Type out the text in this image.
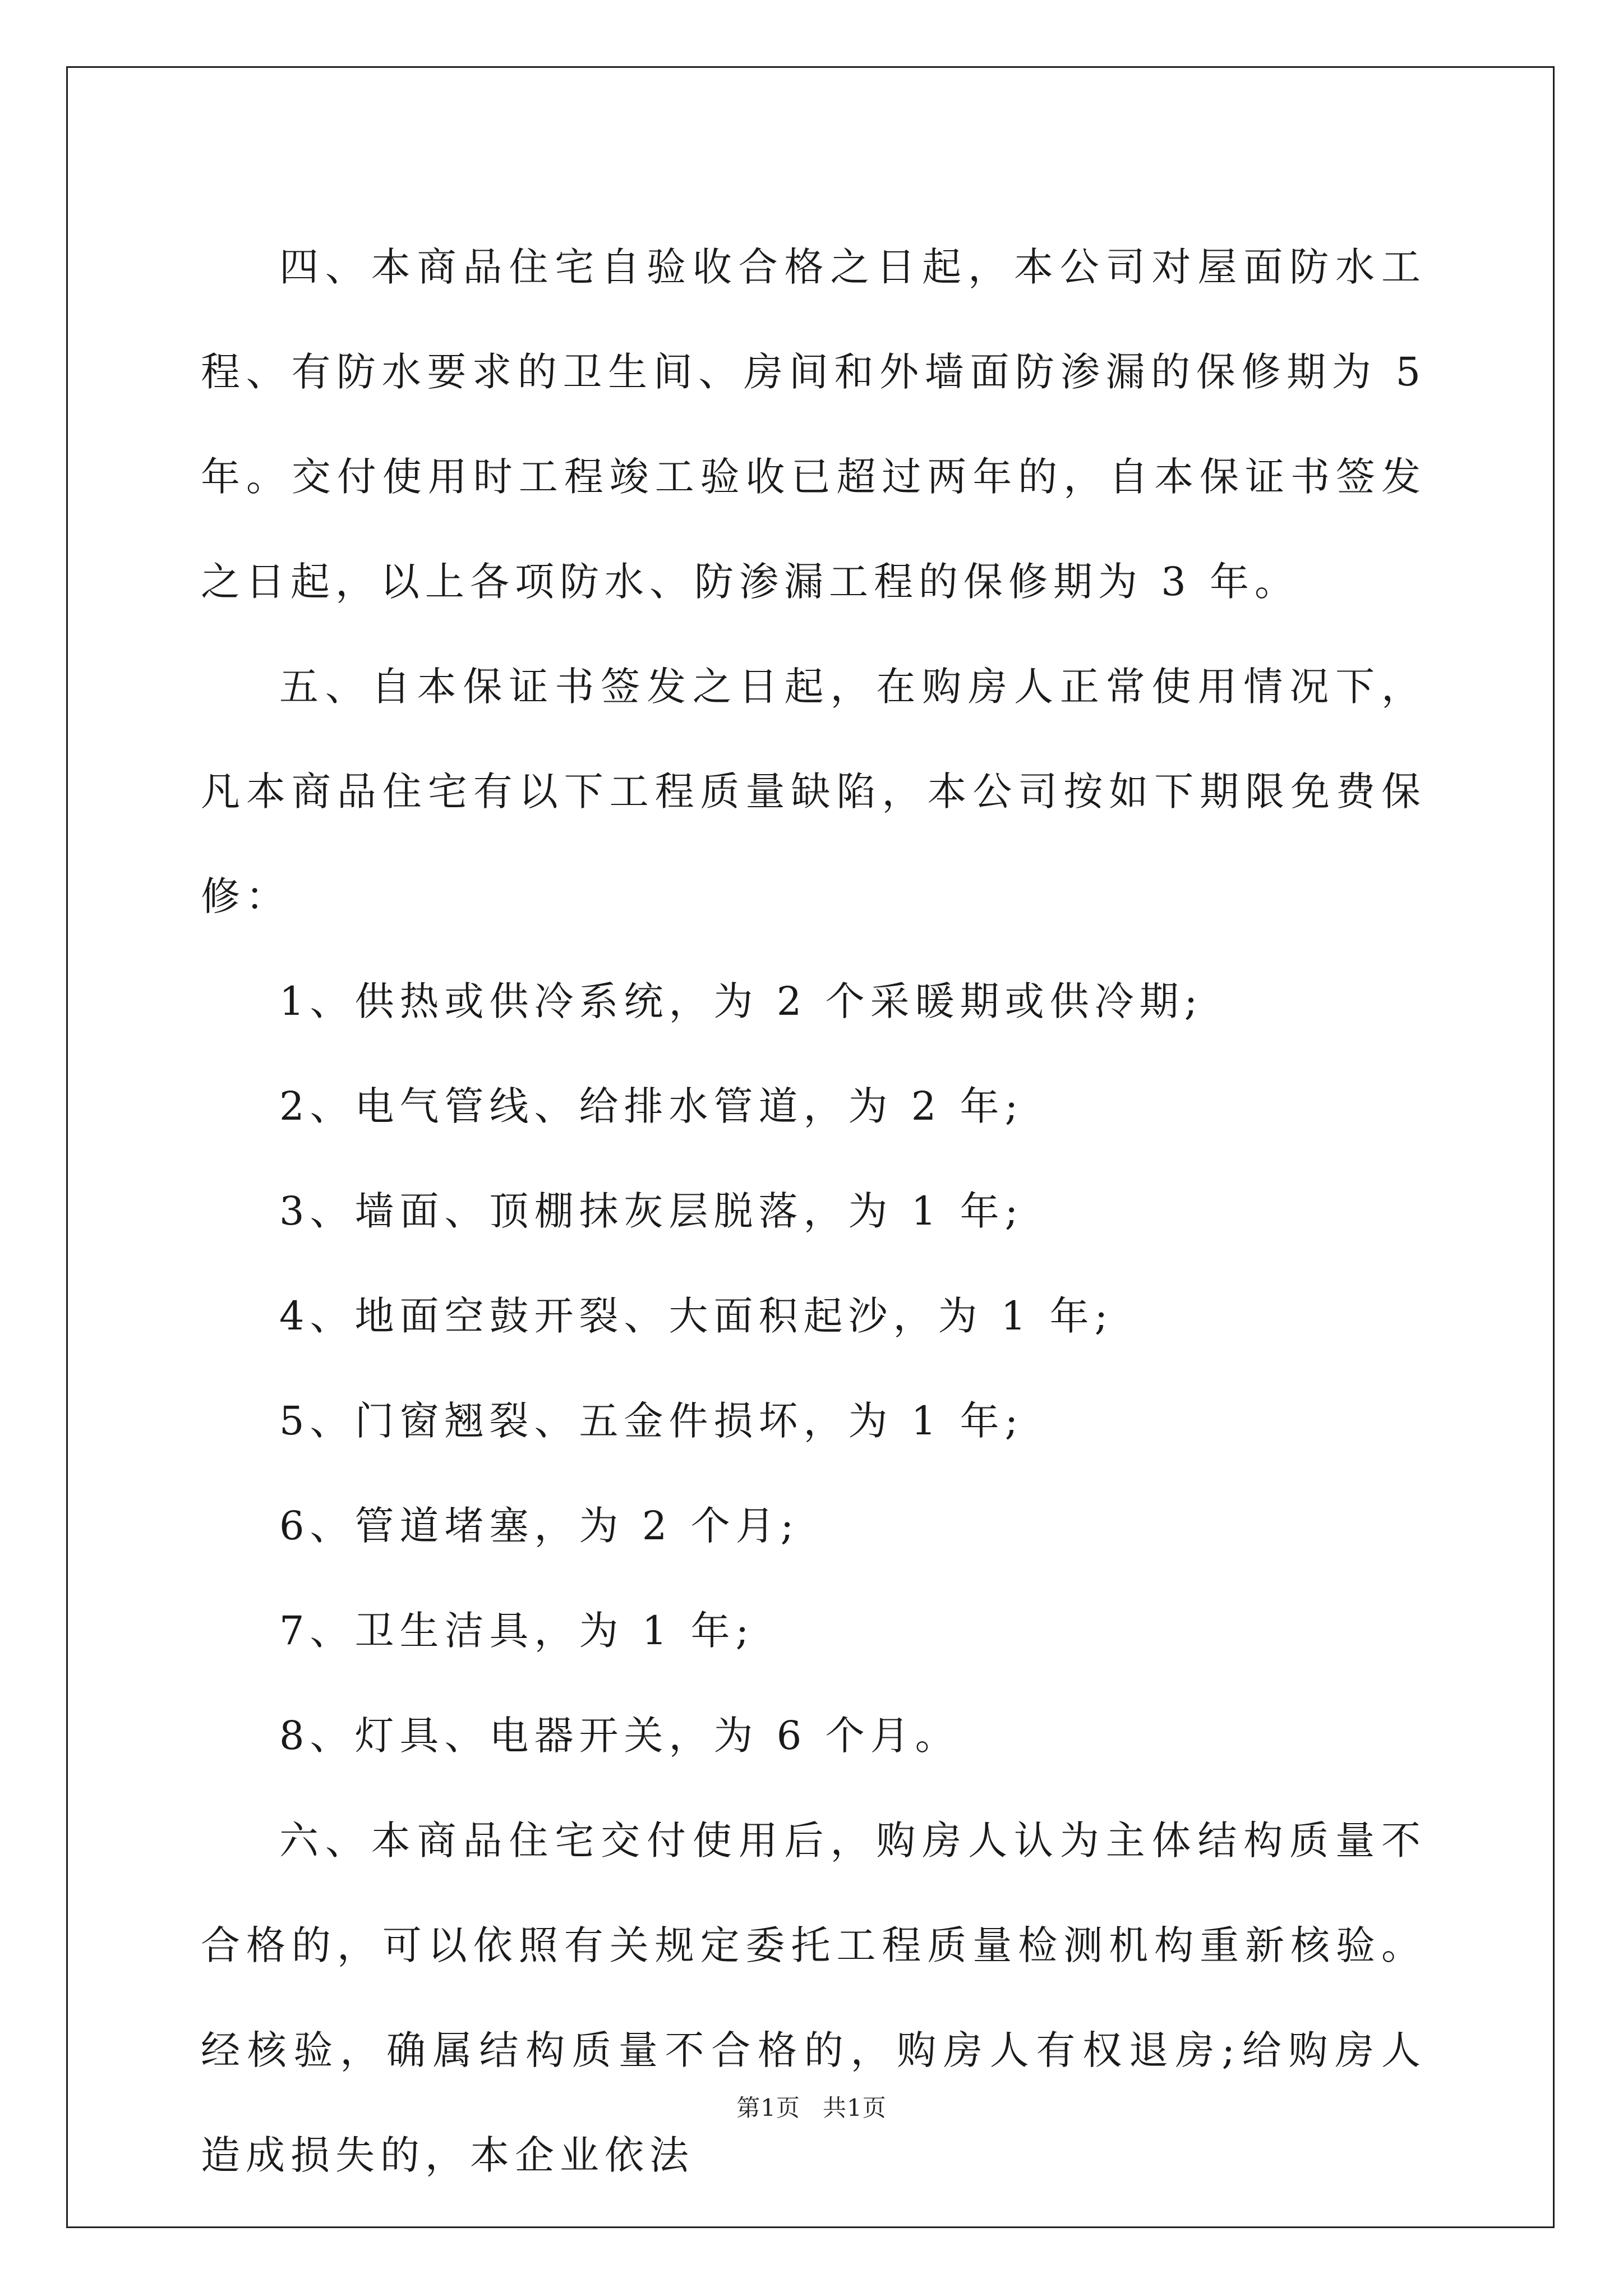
四、本商品住宅自验收合格之日起，本公司对屋面防水工程、有防水要求的卫生间、房间和外墙面防渗漏的保修期为 5 年。交付使用时工程竣工验收已超过两年的，自本保证书签发之日起，以上各项防水、防渗漏工程的保修期为 3 年。

五、自本保证书签发之日起，在购房人正常使用情况下，凡本商品住宅有以下工程质量缺陷，本公司按如下期限免费保修：

1、供热或供冷系统，为 2 个采暖期或供冷期;

2、电气管线、给排水管道，为 2 年;

3、墙面、顶棚抹灰层脱落，为 1 年;

4、地面空鼓开裂、大面积起沙，为 1 年;

5、门窗翘裂、五金件损坏，为 1 年;

6、管道堵塞，为 2 个月;

7、卫生洁具，为 1 年;

8、灯具、电器开关，为 6 个月。

六、本商品住宅交付使用后，购房人认为主体结构质量不合格的，可以依照有关规定委托工程质量检测机构重新核验。经核验，确属结构质量不合格的，购房人有权退房;给购房人造成损失的，本企业依法

第1页 共1页
